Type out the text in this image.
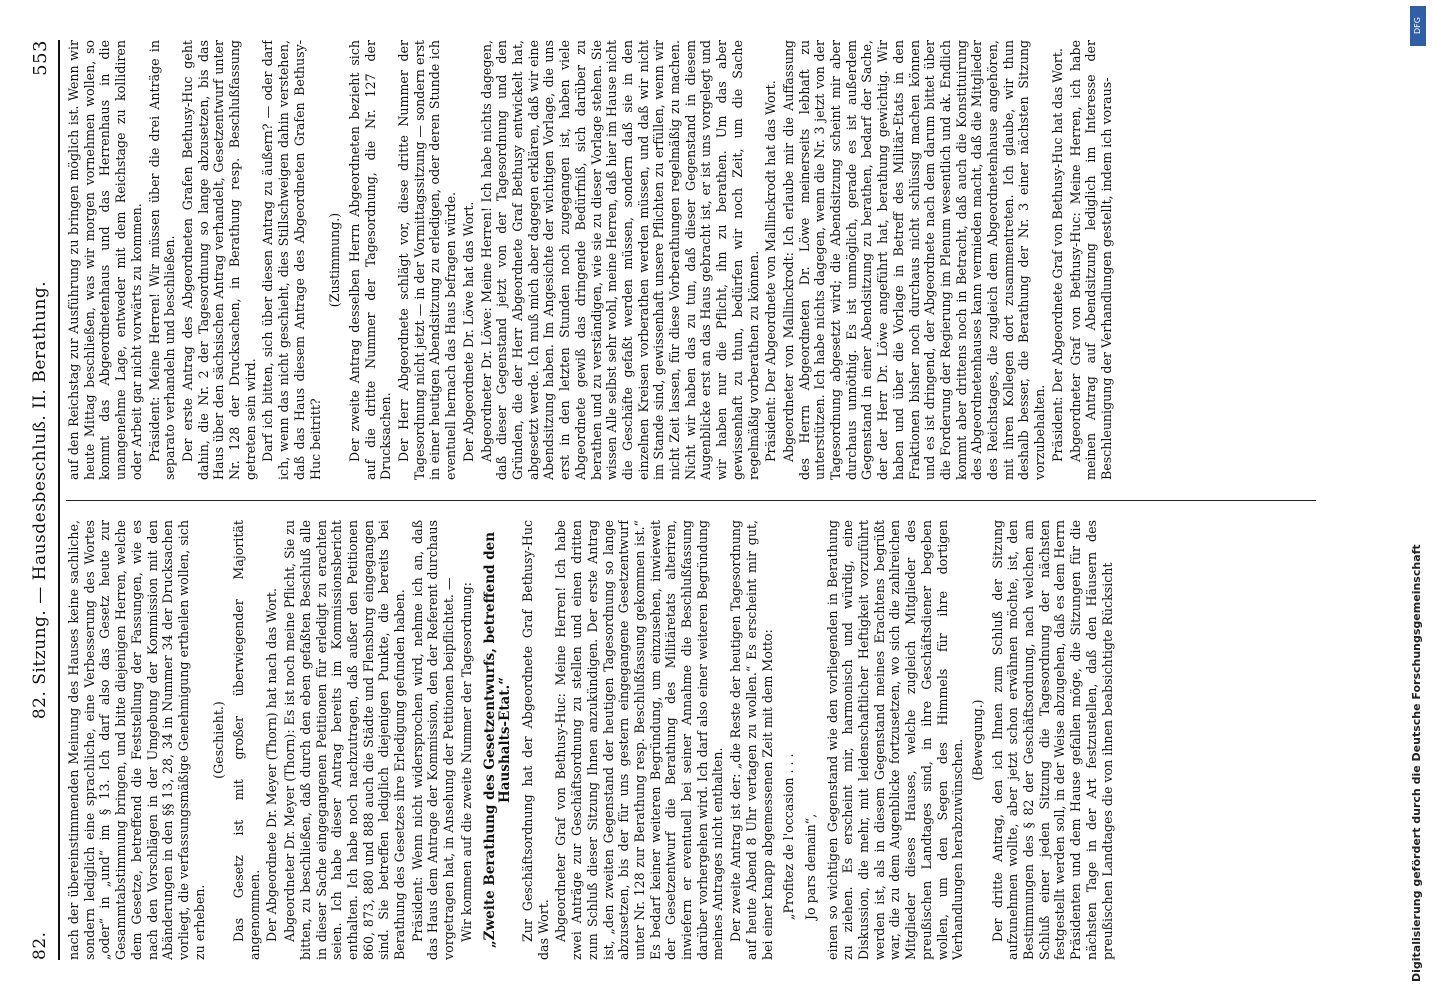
82.
82. Sitzung. — Hausdesbeschluß. II. Berathung.
553

nach der übereinstimmenden Meinung des Hauses keine sachliche, sondern lediglich eine sprachliche, eine Verbesserung des Wortes „oder“ in „und“ im § 13. Ich darf also das Gesetz heute zur Gesammtabstimmung bringen, und bitte diejenigen Herren, welche dem Gesetze, betreffend die Feststellung der Fassungen, wie es nach den Vorschlägen in der Umgebung der Kommission mit den Abänderungen in den §§ 13, 28, 34 in Nummer 34 der Drucksachen vorliegt, die verfassungsmäßige Genehmigung ertheilen wollen, sich zu erheben.

(Geschieht.) Das Gesetz ist mit großer überwiegender Majorität angenommen. Der Abgeordnete Dr. Meyer (Thorn) hat nach das Wort. Abgeordneter Dr. Meyer (Thorn): Es ist noch meine Pflicht, Sie zu bitten, zu beschließen, daß durch den eben gefaßten Beschluß alle in dieser Sache eingegangenen Petitionen für erledigt zu erachten seien. Ich habe dieser Antrag bereits im Kommissionsbericht enthalten. Ich habe noch nachzutragen, daß außer den Petitionen 860, 873, 880 und 888 auch die Städte und Flensburg eingegangen sind. Sie betreffen lediglich diejenigen Punkte, die bereits bei Berathung des Gesetzes ihre Erledigung gefunden haben. Präsident: Wenn nicht widersprochen wird, nehme ich an, daß das Haus dem Antrage der Kommission, den der Referent durchaus vorgetragen hat, in Ansehung der Petitionen beipflichtet. — Wir kommen auf die zweite Nummer der Tagesordnung: „Zweite Berathung des Gesetzentwurfs, betreffend den Haushalts-Etat.“ Zur Geschäftsordnung hat der Abgeordnete Graf Bethusy-Huc das Wort. Abgeordneter Graf von Bethusy-Huc: Meine Herren! Ich habe zwei Anträge zur Geschäftsordnung zu stellen und einen dritten zum Schluß dieser Sitzung Ihnen anzukündigen. Der erste Antrag ist, „den zweiten Gegenstand der heutigen Tagesordnung so lange abzusetzen, bis der für uns gestern eingegangene Gesetzentwurf unter Nr. 128 zur Berathung resp. Beschlußfassung gekommen ist.“ Es bedarf keiner weiteren Begründung, um einzusehen, inwieweit der Gesetzentwurf die Berathung des Militäretats alteriren, inwiefern er eventuell bei seiner Annahme die Beschlußfassung darüber vorhergehen wird. Ich darf also einer weiteren Begründung meines Antrages nicht enthalten. Der zweite Antrag ist der: „die Reste der heutigen Tagesordnung auf heute Abend 8 Uhr vertagen zu wollen.“ Es erscheint mir gut, bei einer knapp abgemessenen Zeit mit dem Motto: „Profitez de l'occasion . . . Jo pars demain“, einen so wichtigen Gegenstand wie den vorliegenden in Berathung zu ziehen. Es erscheint mir, harmonisch und würdig, eine Diskussion, die mehr, mit leidenschaftlicher Heftigkeit vorzuführt werden ist, als in diesem Gegenstand meines Erachtens begrüßt war, die zu dem Augenblicke fortzusetzen, wo sich die zahlreichen Mitglieder dieses Hauses, welche zugleich Mitglieder des preußischen Landtages sind, in ihre Geschäftsdiener begeben wollen, um den Segen des Himmels für ihre dortigen Verhandlungen herabzuwünschen. (Bewegung.) Der dritte Antrag, den ich Ihnen zum Schluß der Sitzung aufzunehmen wollte, aber jetzt schon erwähnen möchte, ist, den Bestimmungen des § 82 der Geschäftsordnung, nach welchen am Schluß einer jeden Sitzung die Tagesordnung der nächsten festgestellt werden soll, in der Weise abzugehen, daß es dem Herrn Präsidenten und dem Hause gefallen möge, die Sitzungen für die nächsten Tage in der Art festzustellen, daß den Häusern des preußischen Landtages die von ihnen beabsichtigte Rücksicht

auf den Reichstag zur Ausführung zu bringen möglich ist. Wenn wir heute Mittag beschließen, was wir morgen vornehmen wollen, so kommt das Abgeordnetenhaus und das Herrenhaus in die unangenehme Lage, entweder mit dem Reichstage zu kollidiren oder Arbeit gar nicht vorwärts zu kommen. Präsident: Meine Herren! Wir müssen über die drei Anträge in separato verhandeln und beschließen. Der erste Antrag des Abgeordneten Grafen Bethusy-Huc geht dahin, die Nr. 2 der Tagesordnung so lange abzusetzen, bis das Haus über den sächsischen Antrag verhandelt, Gesetzentwurf unter Nr. 128 der Drucksachen, in Berathung resp. Beschlußfassung getreten sein wird. Darf ich bitten, sich über diesen Antrag zu äußern? — oder darf ich, wenn das nicht geschieht, dies Stillschweigen dahin verstehen, daß das Haus diesem Antrage des Abgeordneten Grafen Bethusy-Huc beitritt?

(Zustimmung.) Der zweite Antrag desselben Herrn Abgeordneten bezieht sich auf die dritte Nummer der Tagesordnung, die Nr. 127 der Drucksachen. Der Herr Abgeordnete schlägt vor, diese dritte Nummer der Tagesordnung nicht jetzt — in der Vormittagssitzung — sondern erst in einer heutigen Abendsitzung zu erledigen, oder deren Stunde ich eventuell hernach das Haus befragen würde. Der Abgeordnete Dr. Löwe hat das Wort. Abgeordneter Dr. Löwe: Meine Herren! Ich habe nichts dagegen, daß dieser Gegenstand jetzt von der Tagesordnung und den Gründen, die der Herr Abgeordnete Graf Bethusy entwickelt hat, abgesetzt werde. Ich muß mich aber dagegen erklären, daß wir eine Abendsitzung haben. Im Angesichte der wichtigen Vorlage, die uns erst in den letzten Stunden noch zugegangen ist, haben viele Abgeordnete gewiß das dringende Bedürfniß, sich darüber zu berathen und zu verständigen, wie sie zu dieser Vorlage stehen. Sie wissen Alle selbst sehr wohl, meine Herren, daß hier im Hause nicht die Geschäfte gefaßt werden müssen, sondern daß sie in den einzelnen Kreisen vorberathen werden müssen, und daß wir nicht im Stande sind, gewissenhaft unsere Pflichten zu erfüllen, wenn wir nicht Zeit lassen, für diese Vorberathungen regelmäßig zu machen. Nicht wir haben das zu tun, daß dieser Gegenstand in diesem Augenblicke erst an das Haus gebracht ist, er ist uns vorgelegt und wir haben nur die Pflicht, ihn zu berathen. Um das aber gewissenhaft zu thun, bedürfen wir noch Zeit, um die Sache regelmäßig vorberathen zu können. Präsident: Der Abgeordnete von Mallinckrodt hat das Wort. Abgeordneter von Mallinckrodt: Ich erlaube mir die Auffassung des Herrn Abgeordneten Dr. Löwe meinerseits lebhaft zu unterstützen. Ich habe nichts dagegen, wenn die Nr. 3 jetzt von der Tagesordnung abgesetzt wird; die Abendsitzung scheint mir aber durchaus unnöthig. Es ist unmöglich, gerade es ist außerdem Gegenstand in einer Abendsitzung zu berathen, bedarf der Sache, der der Herr Dr. Löwe angeführt hat, berathung gewichtig. Wir haben und über die Vorlage in Betreff des Militär-Etats in den Fraktionen bisher noch durchaus nicht schlüssig machen können und es ist dringend, der Abgeordnete nach dem darum bittet über die Forderung der Regierung im Plenum wesentlich und ak. Endlich kommt aber drittens noch in Betracht, daß auch die Konstituirung des Abgeordnetenhauses kann vermieden macht, daß die Mitglieder des Reichstages, die zugleich dem Abgeordnetenhause angehören, mit ihren Kollegen dort zusammentreten. Ich glaube, wir thun deshalb besser, die Berathung der Nr. 3 einer nächsten Sitzung vorzubehalten. Präsident: Der Abgeordnete Graf von Bethusy-Huc hat das Wort. Abgeordneter Graf von Bethusy-Huc: Meine Herren, ich habe meinen Antrag auf Abendsitzung lediglich im Interesse der Beschleunigung der Verhandlungen gestellt, indem ich voraus-

Digitalisierung gefördert durch die Deutsche Forschungsgemeinschaft
DFG
